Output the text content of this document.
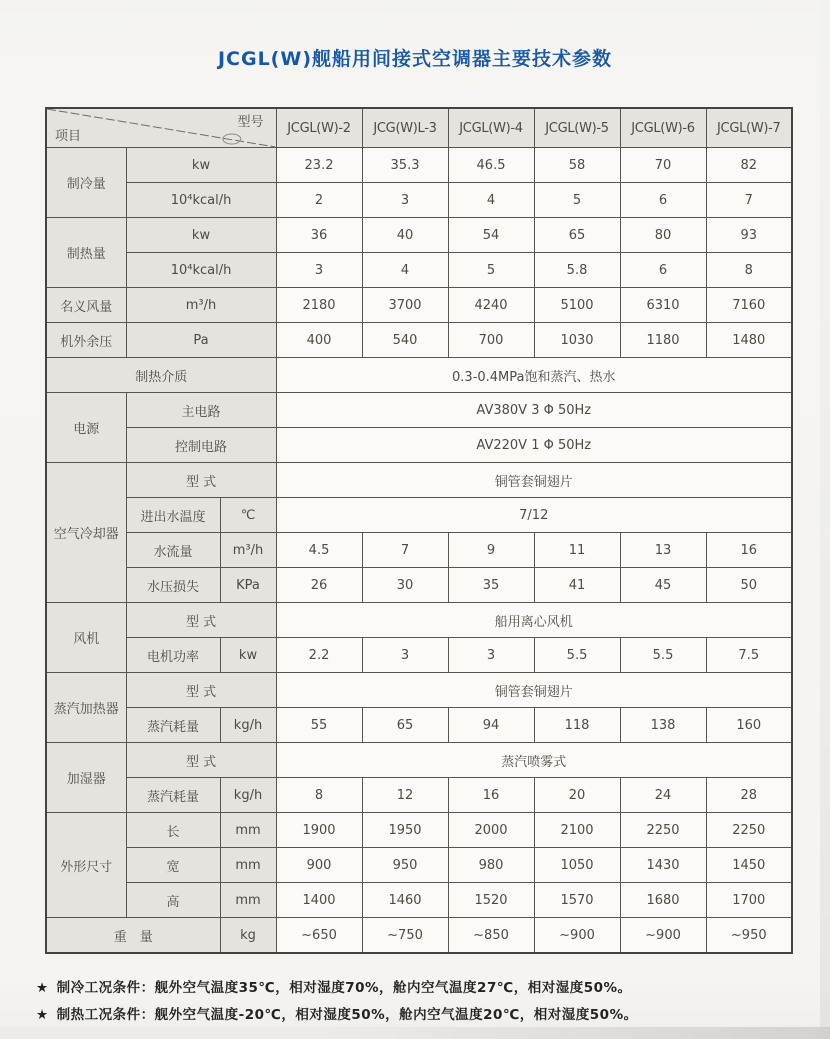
JCGL(W)舰船用间接式空调器主要技术参数
型号
项目			JCGL(W)-2	JCG(W)L-3	JCGL(W)-4	JCGL(W)-5	JCGL(W)-6	JCGL(W)-7
制冷量	kw		23.2	35.3	46.5	58	70	82
	10⁴kcal/h		2	3	4	5	6	7
制热量	kw		36	40	54	65	80	93
	10⁴kcal/h		3	4	5	5.8	6	8
名义风量	m³/h		2180	3700	4240	5100	6310	7160
机外余压	Pa		400	540	700	1030	1180	1480
制热介质			0.3-0.4MPa饱和蒸汽、热水					
电源	主电路		AV380V 3 Φ 50Hz					
	控制电路		AV220V 1 Φ 50Hz					
空气冷却器	型 式		铜管套铜翅片					
	进出水温度	℃	7/12					
	水流量	m³/h	4.5	7	9	11	13	16
	水压损失	KPa	26	30	35	41	45	50
风机	型 式		船用离心风机					
	电机功率	kw	2.2	3	3	5.5	5.5	7.5
蒸汽加热器	型 式		铜管套铜翅片					
	蒸汽耗量	kg/h	55	65	94	118	138	160
加湿器	型 式		蒸汽喷雾式					
	蒸汽耗量	kg/h	8	12	16	20	24	28
外形尺寸	长	mm	1900	1950	2000	2100	2250	2250
	宽	mm	900	950	980	1050	1430	1450
	高	mm	1400	1460	1520	1570	1680	1700
重　量		kg	~650	~750	~850	~900	~900	~950

★ 制冷工况条件：舰外空气温度35℃，相对湿度70%，舱内空气温度27℃，相对湿度50%。

★ 制热工况条件：舰外空气温度-20℃，相对湿度50%，舱内空气温度20℃，相对湿度50%。
